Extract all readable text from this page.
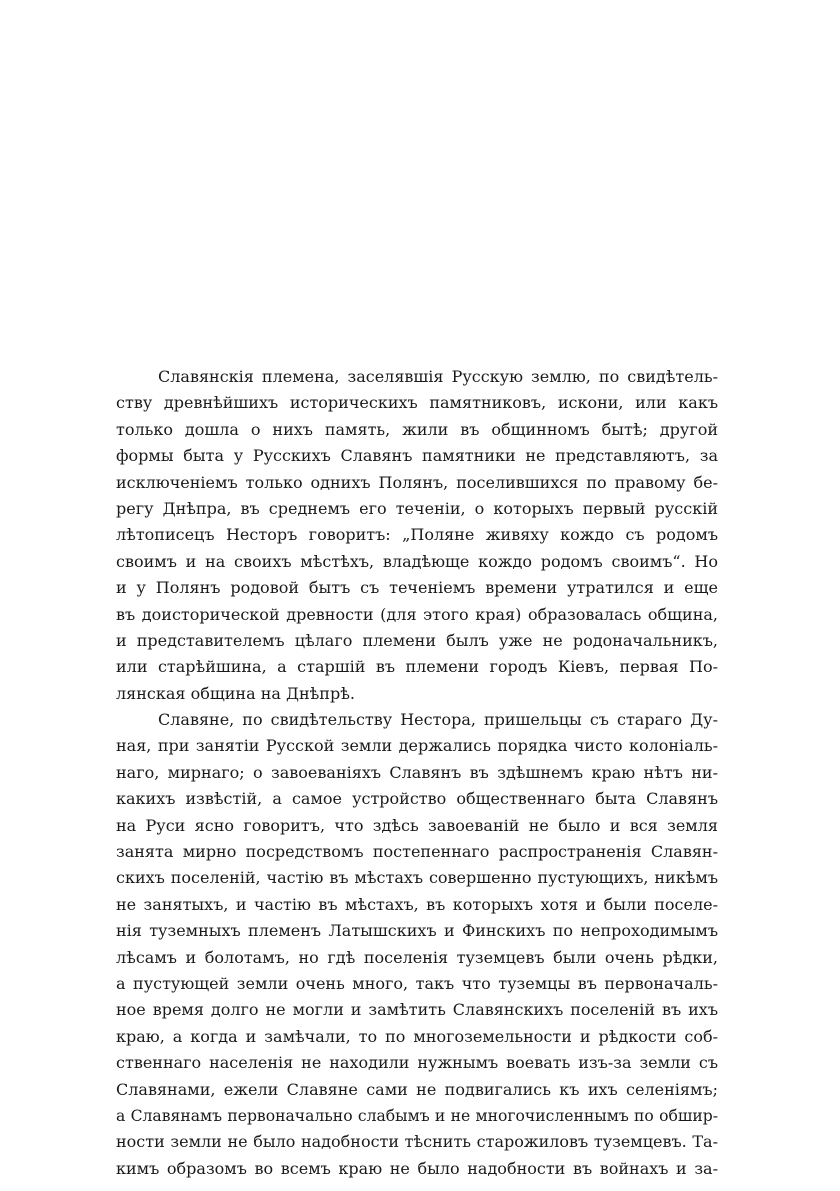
Славянскія племена, заселявшія Русскую землю, по свидѣтель-
ству древнѣйшихъ историческихъ памятниковъ, искони, или какъ
только дошла о нихъ память, жили въ общинномъ бытѣ; другой
формы быта у Русскихъ Славянъ памятники не представляютъ, за
исключеніемъ только однихъ Полянъ, поселившихся по правому бе-
регу Днѣпра, въ среднемъ его теченіи, о которыхъ первый русскій
лѣтописецъ Несторъ говоритъ: „Поляне живяху кождо съ родомъ
своимъ и на своихъ мѣстѣхъ, владѣюще кождо родомъ своимъ“. Но
и у Полянъ родовой бытъ съ теченіемъ времени утратился и еще
въ доисторической древности (для этого края) образовалась община,
и представителемъ цѣлаго племени былъ уже не родоначальникъ,
или старѣйшина, а старшій въ племени городъ Кіевъ, первая По-
лянская община на Днѣпрѣ.
Славяне, по свидѣтельству Нестора, пришельцы съ стараго Ду-
ная, при занятіи Русской земли держались порядка чисто колоніаль-
наго, мирнаго; о завоеваніяхъ Славянъ въ здѣшнемъ краю нѣтъ ни-
какихъ извѣстій, а самое устройство общественнаго быта Славянъ
на Руси ясно говоритъ, что здѣсь завоеваній не было и вся земля
занята мирно посредствомъ постепеннаго распространенія Славян-
скихъ поселеній, частію въ мѣстахъ совершенно пустующихъ, никѣмъ
не занятыхъ, и частію въ мѣстахъ, въ которыхъ хотя и были поселе-
нія туземныхъ племенъ Латышскихъ и Финскихъ по непроходимымъ
лѣсамъ и болотамъ, но гдѣ поселенія туземцевъ были очень рѣдки,
а пустующей земли очень много, такъ что туземцы въ первоначаль-
ное время долго не могли и замѣтить Славянскихъ поселеній въ ихъ
краю, а когда и замѣчали, то по многоземельности и рѣдкости соб-
ственнаго населенія не находили нужнымъ воевать изъ-за земли съ
Славянами, ежели Славяне сами не подвигались къ ихъ селеніямъ;
а Славянамъ первоначально слабымъ и не многочисленнымъ по обшир-
ности земли не было надобности тѣснить старожиловъ туземцевъ. Та-
кимъ образомъ во всемъ краю не было надобности въ войнахъ и за-
